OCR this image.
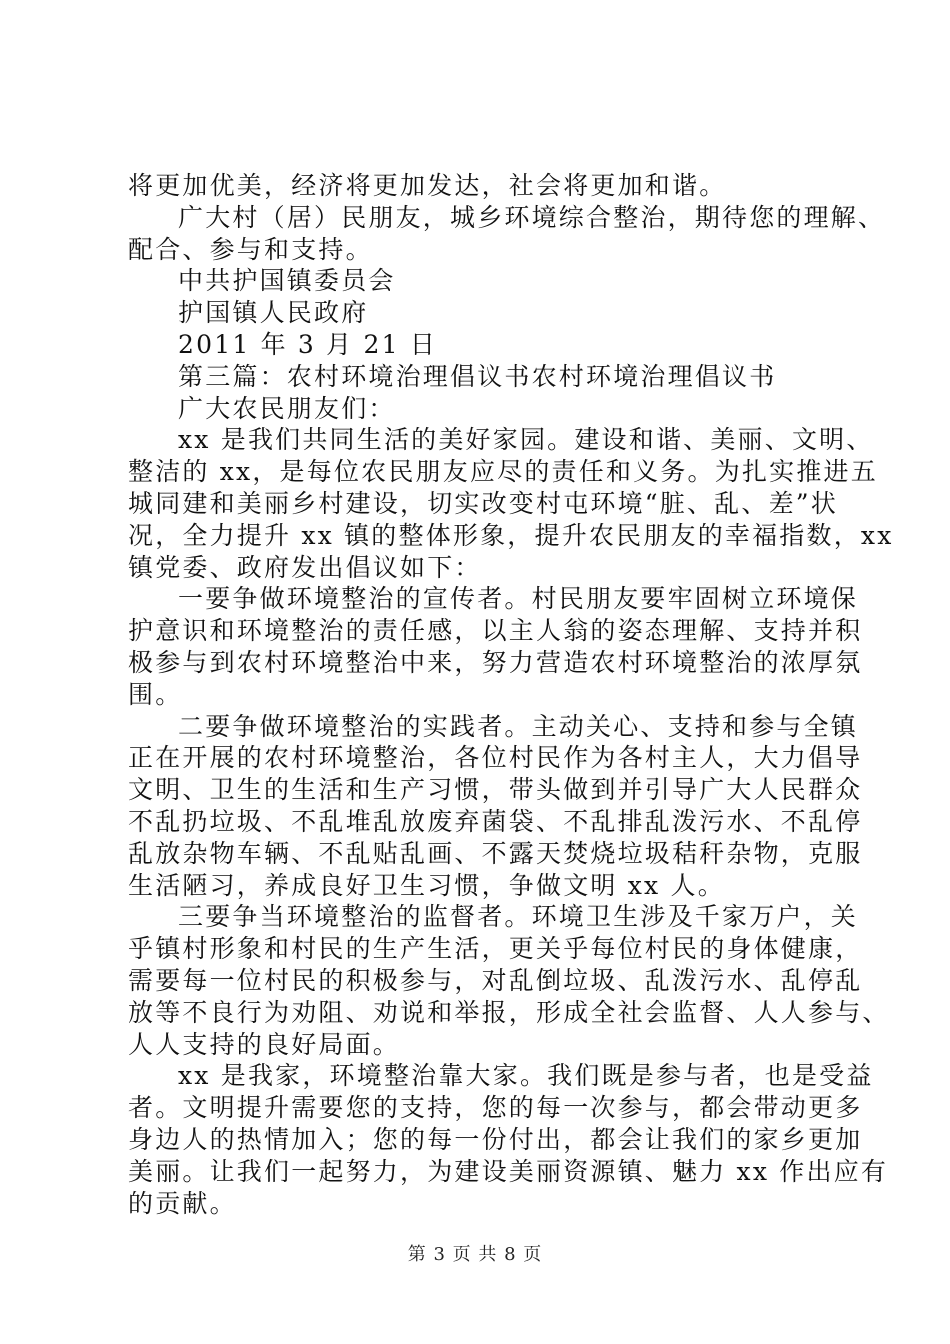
将更加优美，经济将更加发达，社会将更加和谐。
广大村（居）民朋友，城乡环境综合整治，期待您的理解、
配合、参与和支持。
中共护国镇委员会
护国镇人民政府
2011 年 3 月 21 日
第三篇：农村环境治理倡议书农村环境治理倡议书
广大农民朋友们：
xx 是我们共同生活的美好家园。建设和谐、美丽、文明、
整洁的 xx，是每位农民朋友应尽的责任和义务。为扎实推进五
城同建和美丽乡村建设，切实改变村屯环境“脏、乱、差”状
况，全力提升 xx 镇的整体形象，提升农民朋友的幸福指数，xx
镇党委、政府发出倡议如下：
一要争做环境整治的宣传者。村民朋友要牢固树立环境保
护意识和环境整治的责任感，以主人翁的姿态理解、支持并积
极参与到农村环境整治中来，努力营造农村环境整治的浓厚氛
围。
二要争做环境整治的实践者。主动关心、支持和参与全镇
正在开展的农村环境整治，各位村民作为各村主人，大力倡导
文明、卫生的生活和生产习惯，带头做到并引导广大人民群众
不乱扔垃圾、不乱堆乱放废弃菌袋、不乱排乱泼污水、不乱停
乱放杂物车辆、不乱贴乱画、不露天焚烧垃圾秸秆杂物，克服
生活陋习，养成良好卫生习惯，争做文明 xx 人。
三要争当环境整治的监督者。环境卫生涉及千家万户，关
乎镇村形象和村民的生产生活，更关乎每位村民的身体健康，
需要每一位村民的积极参与，对乱倒垃圾、乱泼污水、乱停乱
放等不良行为劝阻、劝说和举报，形成全社会监督、人人参与、
人人支持的良好局面。
xx 是我家，环境整治靠大家。我们既是参与者，也是受益
者。文明提升需要您的支持，您的每一次参与，都会带动更多
身边人的热情加入；您的每一份付出，都会让我们的家乡更加
美丽。让我们一起努力，为建设美丽资源镇、魅力 xx 作出应有
的贡献。
第 3 页 共 8 页
